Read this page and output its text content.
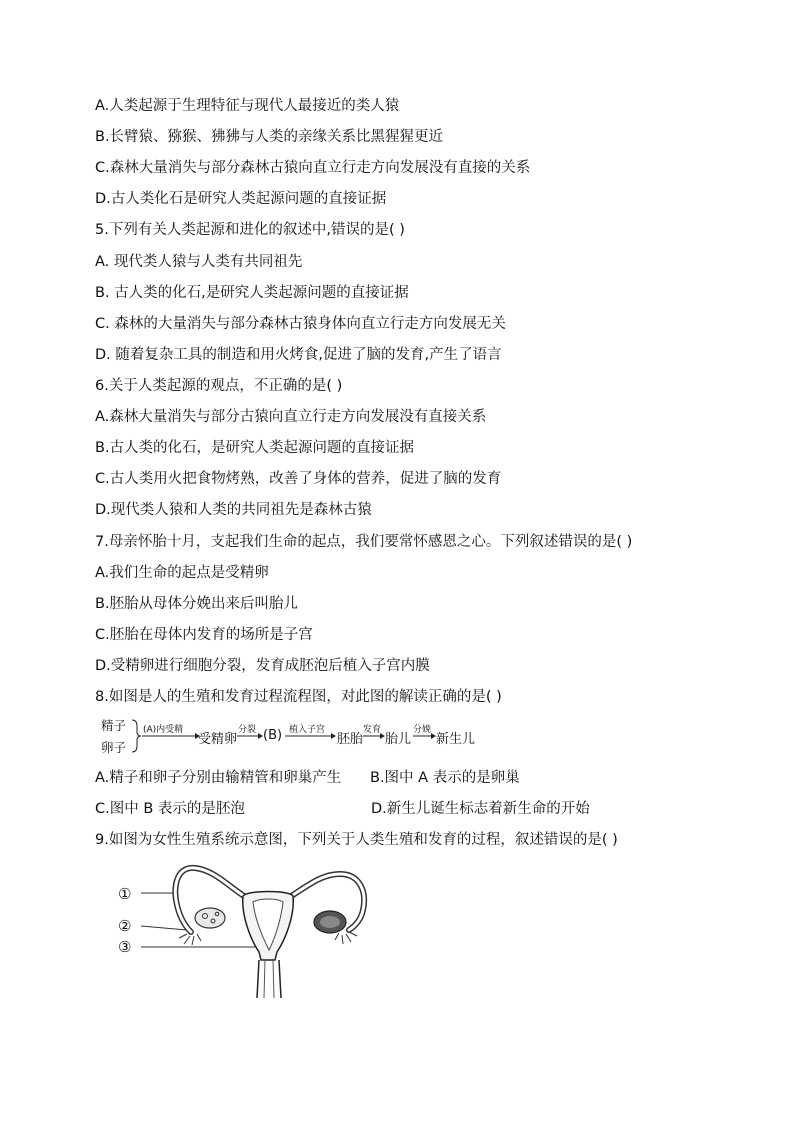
A.人类起源于生理特征与现代人最接近的类人猿
B.长臂猿、猕猴、狒狒与人类的亲缘关系比黑猩猩更近
C.森林大量消失与部分森林古猿向直立行走方向发展没有直接的关系
D.古人类化石是研究人类起源问题的直接证据
5.下列有关人类起源和进化的叙述中,错误的是( )
A. 现代类人猿与人类有共同祖先
B. 古人类的化石,是研究人类起源问题的直接证据
C. 森林的大量消失与部分森林古猿身体向直立行走方向发展无关
D. 随着复杂工具的制造和用火烤食,促进了脑的发育,产生了语言
6.关于人类起源的观点，不正确的是( )
A.森林大量消失与部分古猿向直立行走方向发展没有直接关系
B.古人类的化石，是研究人类起源问题的直接证据
C.古人类用火把食物烤熟，改善了身体的营养，促进了脑的发育
D.现代类人猿和人类的共同祖先是森林古猿
7.母亲怀胎十月，支起我们生命的起点，我们要常怀感恩之心。下列叙述错误的是( )
A.我们生命的起点是受精卵
B.胚胎从母体分娩出来后叫胎儿
C.胚胎在母体内发育的场所是子宫
D.受精卵进行细胞分裂，发育成胚泡后植入子宫内膜
8.如图是人的生殖和发育过程流程图，对此图的解读正确的是( )
精子
卵子
(A)内受精
受精卵
分裂 (B) 植入子宫
胚胎
发育
胎儿
分娩
新生儿
A.精子和卵子分别由输精管和卵巢产生 B.图中 A 表示的是卵巢
C.图中 B 表示的是胚泡	D.新生儿诞生标志着新生命的开始
9.如图为女性生殖系统示意图，下列关于人类生殖和发育的过程，叙述错误的是( )
①
②
③
